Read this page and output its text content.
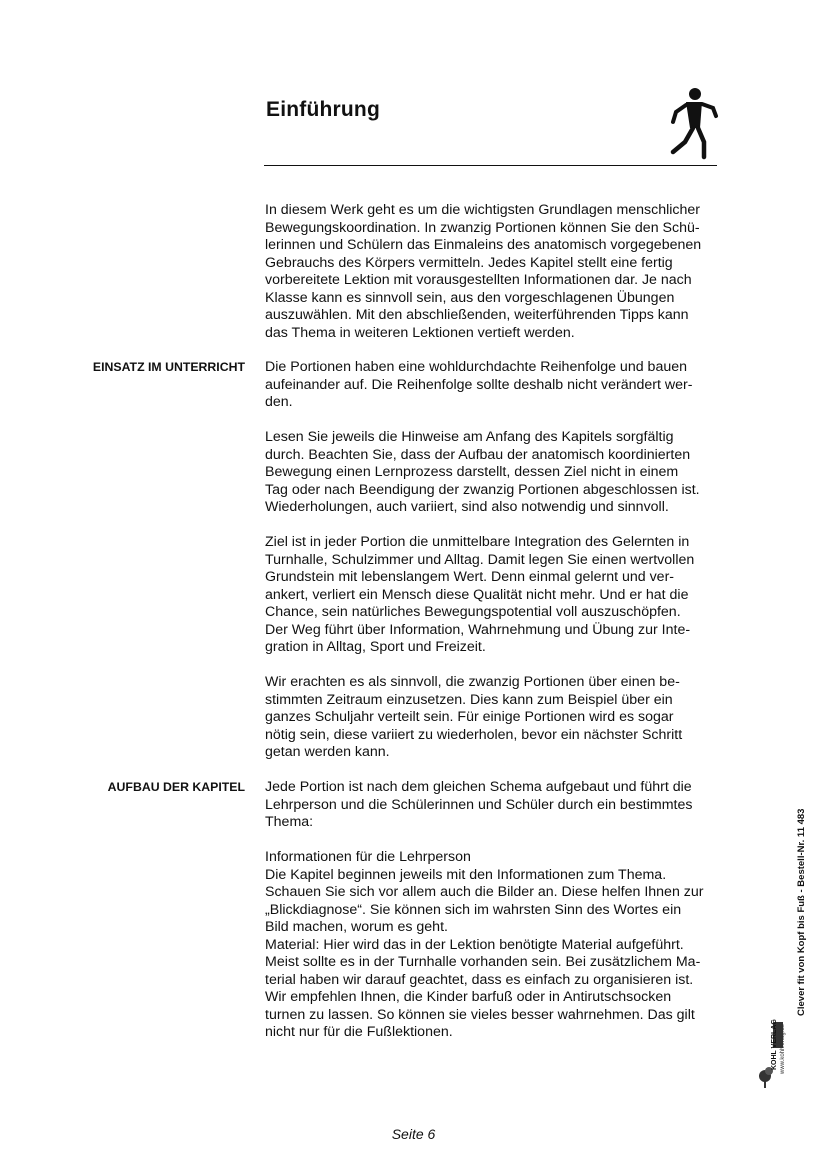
Einführung

In diesem Werk geht es um die wichtigsten Grundlagen menschlicher
Bewegungskoordination. In zwanzig Portionen können Sie den Schü-
lerinnen und Schülern das Einmaleins des anatomisch vorgegebenen
Gebrauchs des Körpers vermitteln. Jedes Kapitel stellt eine fertig
vorbereitete Lektion mit vorausgestellten Informationen dar. Je nach
Klasse kann es sinnvoll sein, aus den vorgeschlagenen Übungen
auszuwählen. Mit den abschließenden, weiterführenden Tipps kann
das Thema in weiteren Lektionen vertieft werden.

EINSATZ IM UNTERRICHT Die Portionen haben eine wohldurchdachte Reihenfolge und bauen
aufeinander auf. Die Reihenfolge sollte deshalb nicht verändert wer-
den.

Lesen Sie jeweils die Hinweise am Anfang des Kapitels sorgfältig
durch. Beachten Sie, dass der Aufbau der anatomisch koordinierten
Bewegung einen Lernprozess darstellt, dessen Ziel nicht in einem
Tag oder nach Beendigung der zwanzig Portionen abgeschlossen ist.
Wiederholungen, auch variiert, sind also notwendig und sinnvoll.

Ziel ist in jeder Portion die unmittelbare Integration des Gelernten in
Turnhalle, Schulzimmer und Alltag. Damit legen Sie einen wertvollen
Grundstein mit lebenslangem Wert. Denn einmal gelernt und ver-
ankert, verliert ein Mensch diese Qualität nicht mehr. Und er hat die
Chance, sein natürliches Bewegungspotential voll auszuschöpfen.
Der Weg führt über Information, Wahrnehmung und Übung zur Inte-
gration in Alltag, Sport und Freizeit.

Wir erachten es als sinnvoll, die zwanzig Portionen über einen be-
stimmten Zeitraum einzusetzen. Dies kann zum Beispiel über ein
ganzes Schuljahr verteilt sein. Für einige Portionen wird es sogar
nötig sein, diese variiert zu wiederholen, bevor ein nächster Schritt
getan werden kann.

AUFBAU DER KAPITEL Jede Portion ist nach dem gleichen Schema aufgebaut und führt die
Lehrperson und die Schülerinnen und Schüler durch ein bestimmtes
Thema:

Informationen für die Lehrperson
Die Kapitel beginnen jeweils mit den Informationen zum Thema.
Schauen Sie sich vor allem auch die Bilder an. Diese helfen Ihnen zur
„Blickdiagnose“. Sie können sich im wahrsten Sinn des Wortes ein
Bild machen, worum es geht.
Material: Hier wird das in der Lektion benötigte Material aufgeführt.
Meist sollte es in der Turnhalle vorhanden sein. Bei zusätzlichem Ma-
terial haben wir darauf geachtet, dass es einfach zu organisieren ist.
Wir empfehlen Ihnen, die Kinder barfuß oder in Antirutschsocken
turnen zu lassen. So können sie vieles besser wahrnehmen. Das gilt
nicht nur für die Fußlektionen.

Clever fit von Kopf bis Fuß - Bestell-Nr. 11 483
KOHL VERLAG www.kohlverlag.de
Seite 6
